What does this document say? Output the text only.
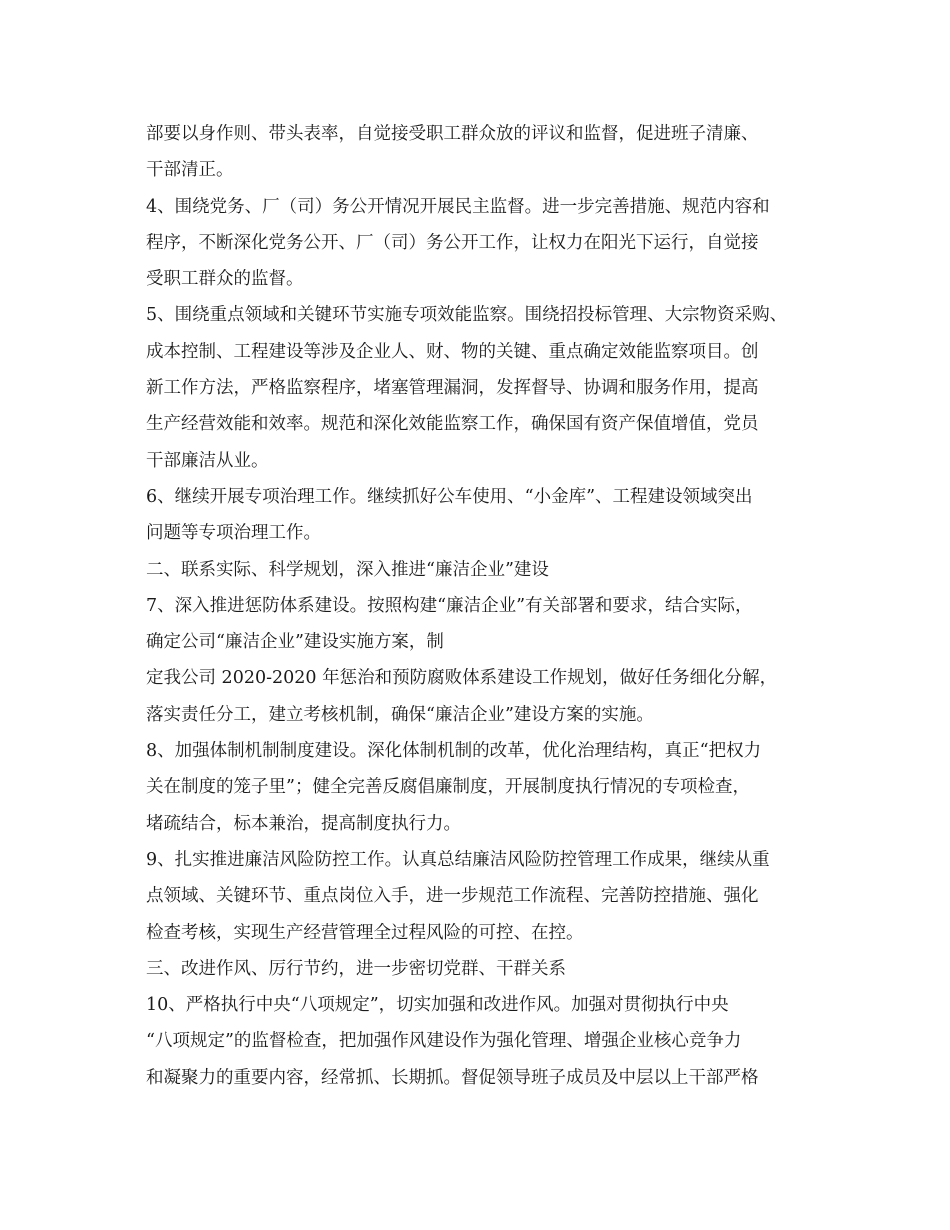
部要以身作则、带头表率，自觉接受职工群众放的评议和监督，促进班子清廉、
干部清正。
4、围绕党务、厂（司）务公开情况开展民主监督。进一步完善措施、规范内容和
程序，不断深化党务公开、厂（司）务公开工作，让权力在阳光下运行，自觉接
受职工群众的监督。
5、围绕重点领域和关键环节实施专项效能监察。围绕招投标管理、大宗物资采购、
成本控制、工程建设等涉及企业人、财、物的关键、重点确定效能监察项目。创
新工作方法，严格监察程序，堵塞管理漏洞，发挥督导、协调和服务作用，提高
生产经营效能和效率。规范和深化效能监察工作，确保国有资产保值增值，党员
干部廉洁从业。
6、继续开展专项治理工作。继续抓好公车使用、“小金库”、工程建设领域突出
问题等专项治理工作。
二、联系实际、科学规划，深入推进“廉洁企业”建设
7、深入推进惩防体系建设。按照构建“廉洁企业”有关部署和要求，结合实际，
确定公司“廉洁企业”建设实施方案，制
定我公司 2020-2020 年惩治和预防腐败体系建设工作规划，做好任务细化分解，
落实责任分工，建立考核机制，确保“廉洁企业”建设方案的实施。
8、加强体制机制制度建设。深化体制机制的改革，优化治理结构，真正“把权力
关在制度的笼子里”；健全完善反腐倡廉制度，开展制度执行情况的专项检查，
堵疏结合，标本兼治，提高制度执行力。
9、扎实推进廉洁风险防控工作。认真总结廉洁风险防控管理工作成果，继续从重
点领域、关键环节、重点岗位入手，进一步规范工作流程、完善防控措施、强化
检查考核，实现生产经营管理全过程风险的可控、在控。
三、改进作风、厉行节约，进一步密切党群、干群关系
10、严格执行中央“八项规定”，切实加强和改进作风。加强对贯彻执行中央
“八项规定”的监督检查，把加强作风建设作为强化管理、增强企业核心竞争力
和凝聚力的重要内容，经常抓、长期抓。督促领导班子成员及中层以上干部严格
